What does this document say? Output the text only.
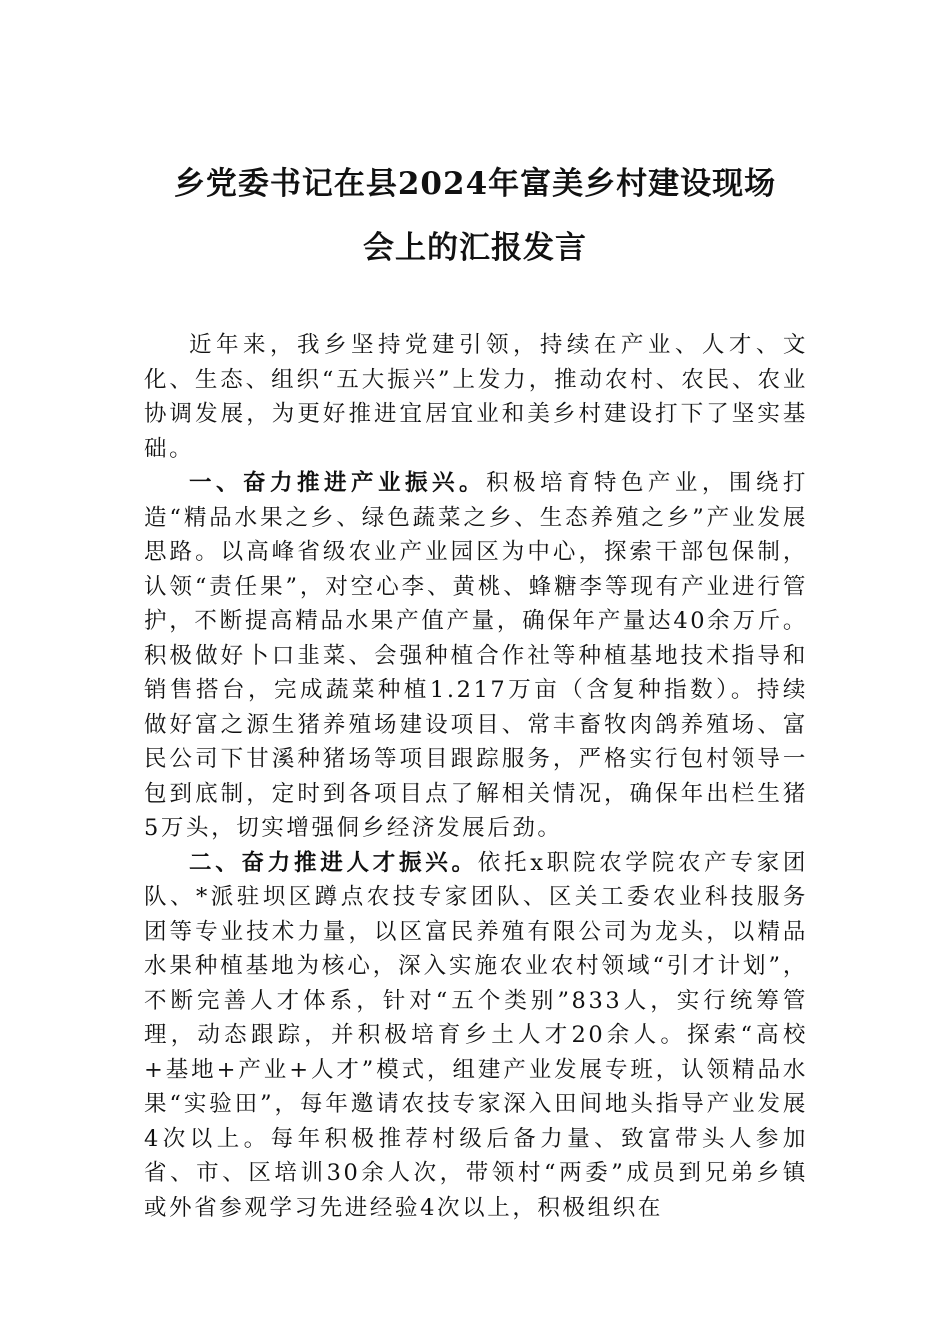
乡党委书记在县2024年富美乡村建设现场
会上的汇报发言

近年来，我乡坚持党建引领，持续在产业、人才、文化、生态、组织“五大振兴”上发力，推动农村、农民、农业协调发展，为更好推进宜居宜业和美乡村建设打下了坚实基础。

一、奋力推进产业振兴。积极培育特色产业，围绕打造“精品水果之乡、绿色蔬菜之乡、生态养殖之乡”产业发展思路。以高峰省级农业产业园区为中心，探索干部包保制，认领“责任果”，对空心李、黄桃、蜂糖李等现有产业进行管护，不断提高精品水果产值产量，确保年产量达40余万斤。积极做好卜口韭菜、会强种植合作社等种植基地技术指导和销售搭台，完成蔬菜种植1.217万亩（含复种指数）。持续做好富之源生猪养殖场建设项目、常丰畜牧肉鸽养殖场、富民公司下甘溪种猪场等项目跟踪服务，严格实行包村领导一包到底制，定时到各项目点了解相关情况，确保年出栏生猪5万头，切实增强侗乡经济发展后劲。

二、奋力推进人才振兴。依托x职院农学院农产专家团队、*派驻坝区蹲点农技专家团队、区关工委农业科技服务团等专业技术力量，以区富民养殖有限公司为龙头，以精品水果种植基地为核心，深入实施农业农村领域“引才计划”，不断完善人才体系，针对“五个类别”833人，实行统筹管理，动态跟踪，并积极培育乡土人才20余人。探索“高校+基地+产业+人才”模式，组建产业发展专班，认领精品水果“实验田”，每年邀请农技专家深入田间地头指导产业发展4次以上。每年积极推荐村级后备力量、致富带头人参加省、市、区培训30余人次，带领村“两委”成员到兄弟乡镇或外省参观学习先进经验4次以上，积极组织在
